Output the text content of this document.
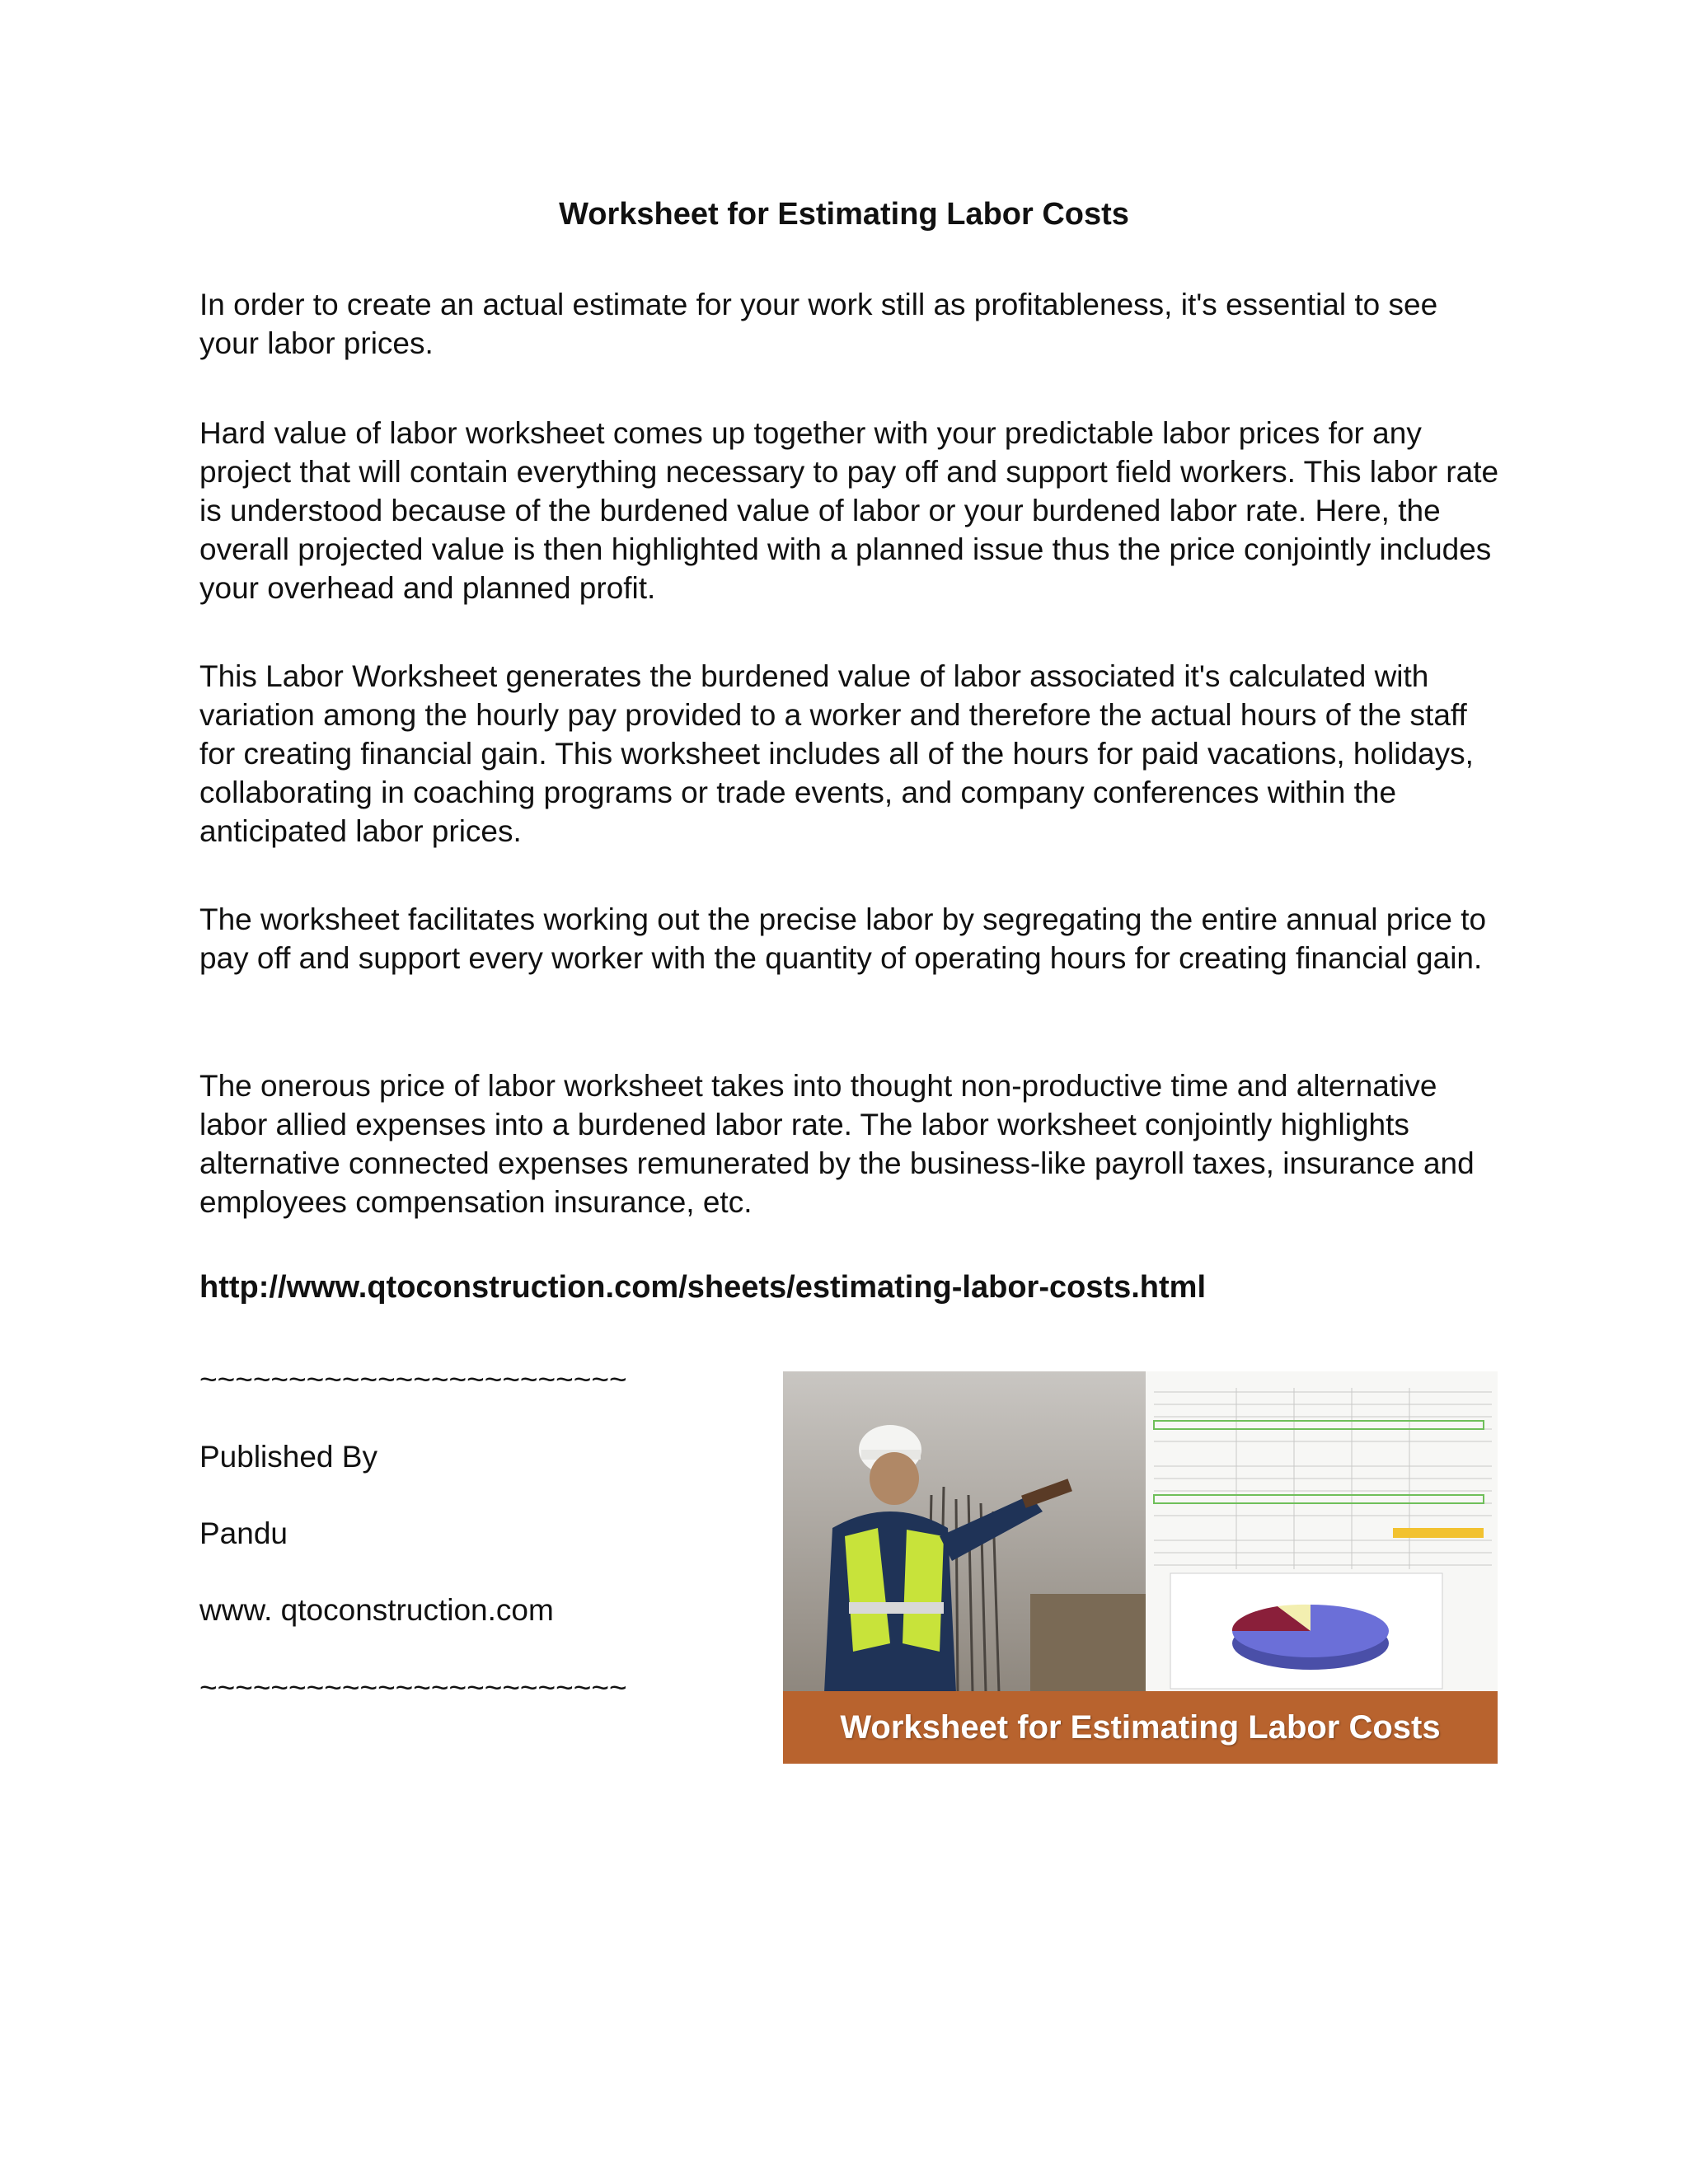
Worksheet for Estimating Labor Costs

In order to create an actual estimate for your work still as profitableness, it's essential to see your labor prices.

Hard value of labor worksheet comes up together with your predictable labor prices for any project that will contain everything necessary to pay off and support field workers. This labor rate is understood because of the burdened value of labor or your burdened labor rate. Here, the overall projected value is then highlighted with a planned issue thus the price conjointly includes your overhead and planned profit.

This Labor Worksheet generates the burdened value of labor associated it's calculated with variation among the hourly pay provided to a worker and therefore the actual hours of the staff for creating financial gain. This worksheet includes all of the hours for paid vacations, holidays, collaborating in coaching programs or trade events, and company conferences within the anticipated labor prices.

The worksheet facilitates working out the precise labor by segregating the entire annual price to pay off and support every worker with the quantity of operating hours for creating financial gain.

The onerous price of labor worksheet takes into thought non-productive time and alternative labor allied expenses into a burdened labor rate. The labor worksheet conjointly highlights alternative connected expenses remunerated by the business-like payroll taxes, insurance and employees compensation insurance, etc.

http://www.qtoconstruction.com/sheets/estimating-labor-costs.html
~~~~~~~~~~~~~~~~~~~~~~~~
Published By
Pandu
www. qtoconstruction.com
~~~~~~~~~~~~~~~~~~~~~~~~
Worksheet for Estimating Labor Costs
